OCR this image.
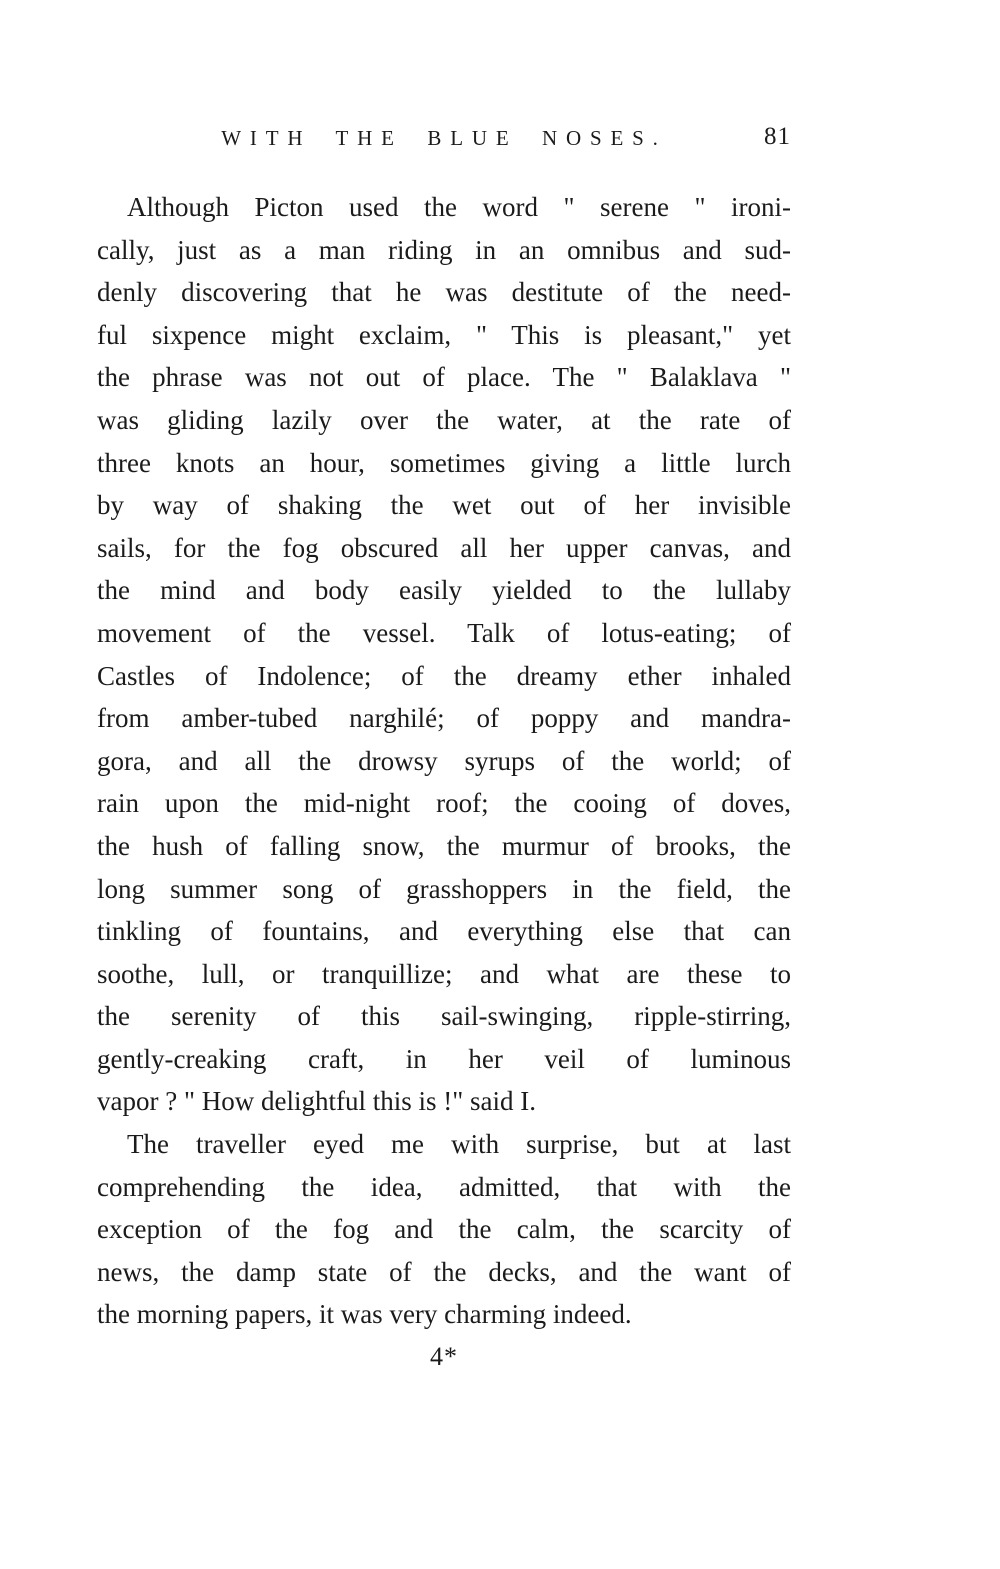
WITH THE BLUE NOSES.	81
Although Picton used the word " serene " ironi-
cally, just as a man riding in an omnibus and sud-
denly discovering that he was destitute of the need-
ful sixpence might exclaim, " This is pleasant," yet
the phrase was not out of place. The " Balaklava "
was gliding lazily over the water, at the rate of
three knots an hour, sometimes giving a little lurch
by way of shaking the wet out of her invisible
sails, for the fog obscured all her upper canvas, and
the mind and body easily yielded to the lullaby
movement of the vessel. Talk of lotus-eating; of
Castles of Indolence; of the dreamy ether inhaled
from amber-tubed narghilé; of poppy and mandra-
gora, and all the drowsy syrups of the world; of
rain upon the mid-night roof; the cooing of doves,
the hush of falling snow, the murmur of brooks, the
long summer song of grasshoppers in the field, the
tinkling of fountains, and everything else that can
soothe, lull, or tranquillize; and what are these to
the serenity of this sail-swinging, ripple-stirring,
gently-creaking craft, in her veil of luminous
vapor ? " How delightful this is !" said I.
The traveller eyed me with surprise, but at last
comprehending the idea, admitted, that with the
exception of the fog and the calm, the scarcity of
news, the damp state of the decks, and the want of
the morning papers, it was very charming indeed.
4*
